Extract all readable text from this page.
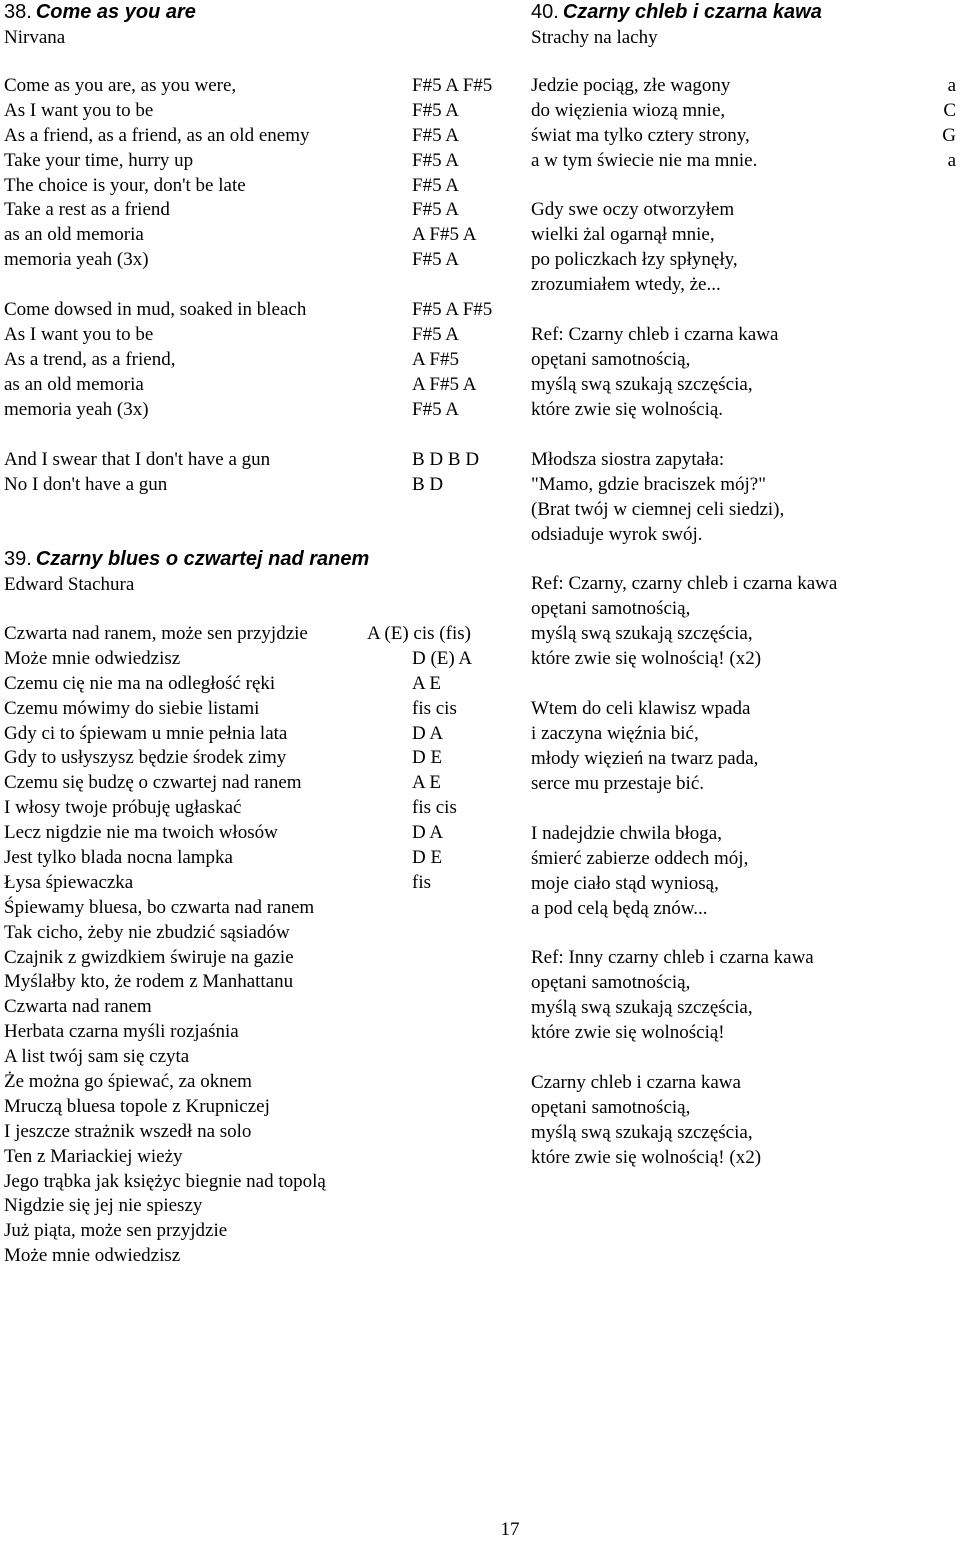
38. Come as you are
Nirvana
Come as you are, as you were,	F#5 A F#5
As I want you to be	F#5 A
As a friend, as a friend, as an old enemy	F#5 A
Take your time, hurry up	F#5 A
The choice is your, don't be late	F#5 A
Take a rest as a friend	F#5 A
as an old memoria	A F#5 A
memoria yeah (3x)	F#5 A
Come dowsed in mud, soaked in bleach	F#5 A F#5
As I want you to be	F#5 A
As a trend, as a friend,	A F#5
as an old memoria	A F#5 A
memoria yeah (3x)	F#5 A
And I swear that I don't have a gun	B D B D
No I don't have a gun	B D
39. Czarny blues o czwartej nad ranem
Edward Stachura
Czwarta nad ranem, może sen przyjdzie	A (E) cis (fis)
Może mnie odwiedzisz	D (E) A
Czemu cię nie ma na odległość ręki	A E
Czemu mówimy do siebie listami	fis cis
Gdy ci to śpiewam u mnie pełnia lata	D A
Gdy to usłyszysz będzie środek zimy	D E
Czemu się budzę o czwartej nad ranem	A E
I włosy twoje próbuję ugłaskać	fis cis
Lecz nigdzie nie ma twoich włosów	D A
Jest tylko blada nocna lampka	D E
Łysa śpiewaczka	fis
Śpiewamy bluesa, bo czwarta nad ranem
Tak cicho, żeby nie zbudzić sąsiadów
Czajnik z gwizdkiem świruje na gazie
Myślałby kto, że rodem z Manhattanu
Czwarta nad ranem
Herbata czarna myśli rozjaśnia
A list twój sam się czyta
Że można go śpiewać, za oknem
Mruczą bluesa topole z Krupniczej
I jeszcze strażnik wszedł na solo
Ten z Mariackiej wieży
Jego trąbka jak księżyc biegnie nad topolą
Nigdzie się jej nie spieszy
Już piąta, może sen przyjdzie
Może mnie odwiedzisz
40. Czarny chleb i czarna kawa
Strachy na lachy
Jedzie pociąg, złe wagony	a
do więzienia wiozą mnie,	C
świat ma tylko cztery strony,	G
a w tym świecie nie ma mnie.	a
Gdy swe oczy otworzyłem
wielki żal ogarnął mnie,
po policzkach łzy spłynęły,
zrozumiałem wtedy, że...
Ref: Czarny chleb i czarna kawa
opętani samotnością,
myślą swą szukają szczęścia,
które zwie się wolnością.
Młodsza siostra zapytała:
"Mamo, gdzie braciszek mój?"
(Brat twój w ciemnej celi siedzi),
odsiaduje wyrok swój.
Ref: Czarny, czarny chleb i czarna kawa
opętani samotnością,
myślą swą szukają szczęścia,
które zwie się wolnością! (x2)
Wtem do celi klawisz wpada
i zaczyna więźnia bić,
młody więzień na twarz pada,
serce mu przestaje bić.
I nadejdzie chwila błoga,
śmierć zabierze oddech mój,
moje ciało stąd wyniosą,
a pod celą będą znów...
Ref: Inny czarny chleb i czarna kawa
opętani samotnością,
myślą swą szukają szczęścia,
które zwie się wolnością!
Czarny chleb i czarna kawa
opętani samotnością,
myślą swą szukają szczęścia,
które zwie się wolnością! (x2)
17
